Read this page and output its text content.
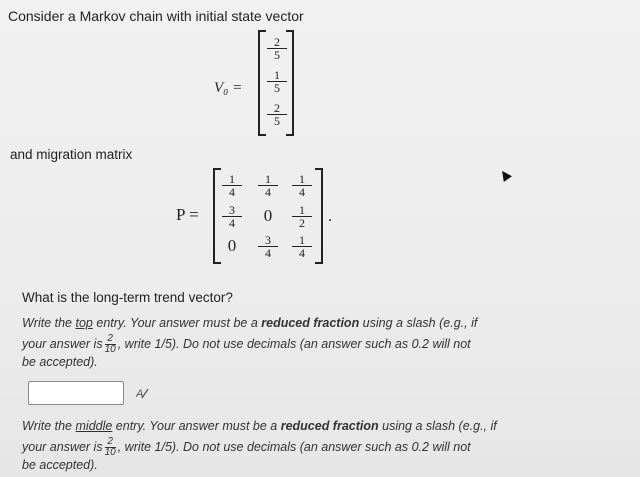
Consider a Markov chain with initial state vector
V₀ =
$\frac{2}{5}$
$\frac{1}{5}$
$\frac{2}{5}$
and migration matrix
P =
$\frac{1}{4} \frac{1}{4} \frac{1}{4}$
$\frac{3}{4}$	0	$\frac{1}{2}$
0	$\frac{3}{4} \frac{1}{4}$
.
What is the long-term trend vector?
Write the top entry. Your answer must be a reduced fraction using a slash (e.g., if
your answer is $\frac{2}{10}$ , write 1/5). Do not use decimals (an answer such as 0.2 will not
be accepted).
A
Write the middle entry. Your answer must be a reduced fraction using a slash (e.g., if
your answer is $\frac{2}{10}$ , write 1/5). Do not use decimals (an answer such as 0.2 will not
be accepted).
